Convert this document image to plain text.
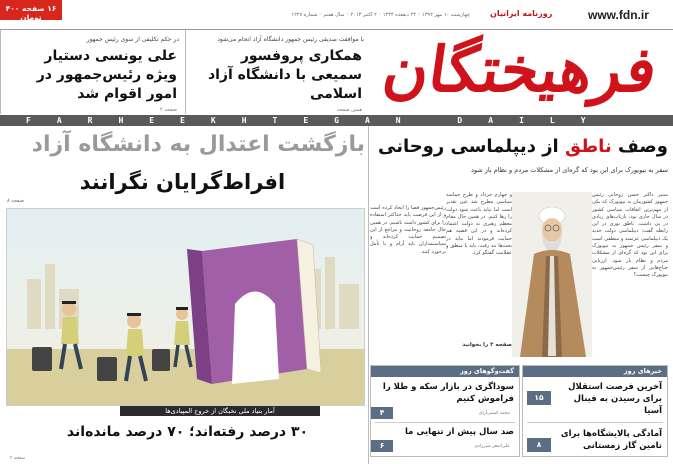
۱۶ صفحه ۴۰۰ تومان	www.fdn.ir
روزنامه ایرانیان
چهارشنبه ۱۰ مهر ۱۳۹۲ ◦ ۲۴ ذیقعده ۱۴۳۴ ◦ ۲ اکتبر ۲۰۱۳ ◦ سال هفتم ◦ شماره ۱۲۲۷
فرهیختگان
FARHEEKHTEGAN DAILY
با موافقت صدیقی رئیس جمهور دانشگاه آزاد انجام می‌شود
همکاری پروفسور سمیعی با دانشگاه آزاد اسلامی
همین صفحه
در حکم تکلیفی از سوی رئیس جمهور
علی یونسی دستیار ویژه رئیس‌جمهور در امور اقوام شد
صفحه ۲
وصف ناطق از دیپلماسی روحانی
سفر به نیویورک برای این بود که گره‌ای از مشکلات مردم و نظام باز شود
ستیر داکتر حسن روحانی رئیس جمهور کشورمان به نیویورک که یکی از مهم‌ترین اتفاقات سیاسی کشور در سال جاری بود، بازتاب‌های زیادی در پی داشت. ناطق نوری در این رابطه گفت: دیپلماسی دولت جدید یک دیپلماسی عزتمند و منطقی است و سفر رئیس جمهور به نیویورک برای این بود که گره‌ای از مشکلات مردم و نظام باز شود. ارزیابی جناح‌هایی از سفر رئیس‌جمهور به نیویورک چیست؟
و چهارم خرداد و طرح حماسه سیاسی مطرح شد عین تقدیر است اما نباید باعث شود دولت را رها کنیم. در همین حال مقام معظم رهبری به دولت اعتماد کرده‌اند و در این قضیه هم حمایت فرمودند اما نباید در بحث‌ها تند رفت، باید با منطق و عقلانیت گفتگو کرد.
رئیس‌جمهور فضا را ایجاد کرده است و از این فرصت باید حداکثر استفاده را برای کشور داشته باشیم. در همین حال جامعه روحانیت و مراجع از این تصمیم حمایت کرده‌اند و سیاستمداران باید آرام و با تأمل برخورد کنند.
صفحه ۳ را بخوانید
گفت‌وگوهای روز
سوداگری در بازار سکه و طلا را فراموش کنیم
۴	محمد کشتی‌آرای
صد سال پیش از تنهایی ما
۶	علی‌اصغر شیرزادی
خبرهای روز
۱۵
آخرین فرصت استقلال برای رسیدن به فینال آسیا
۸
آمادگی پالایشگاه‌ها برای تامین گاز زمستانی
بازگشت اعتدال به دانشگاه آزاد
افراط‌گرایان نگرانند
صفحه ۸
آمار بنیاد ملی نخبگان از خروج المپیادی‌ها
۳۰ درصد رفته‌اند؛ ۷۰ درصد مانده‌اند
صفحه ۳
